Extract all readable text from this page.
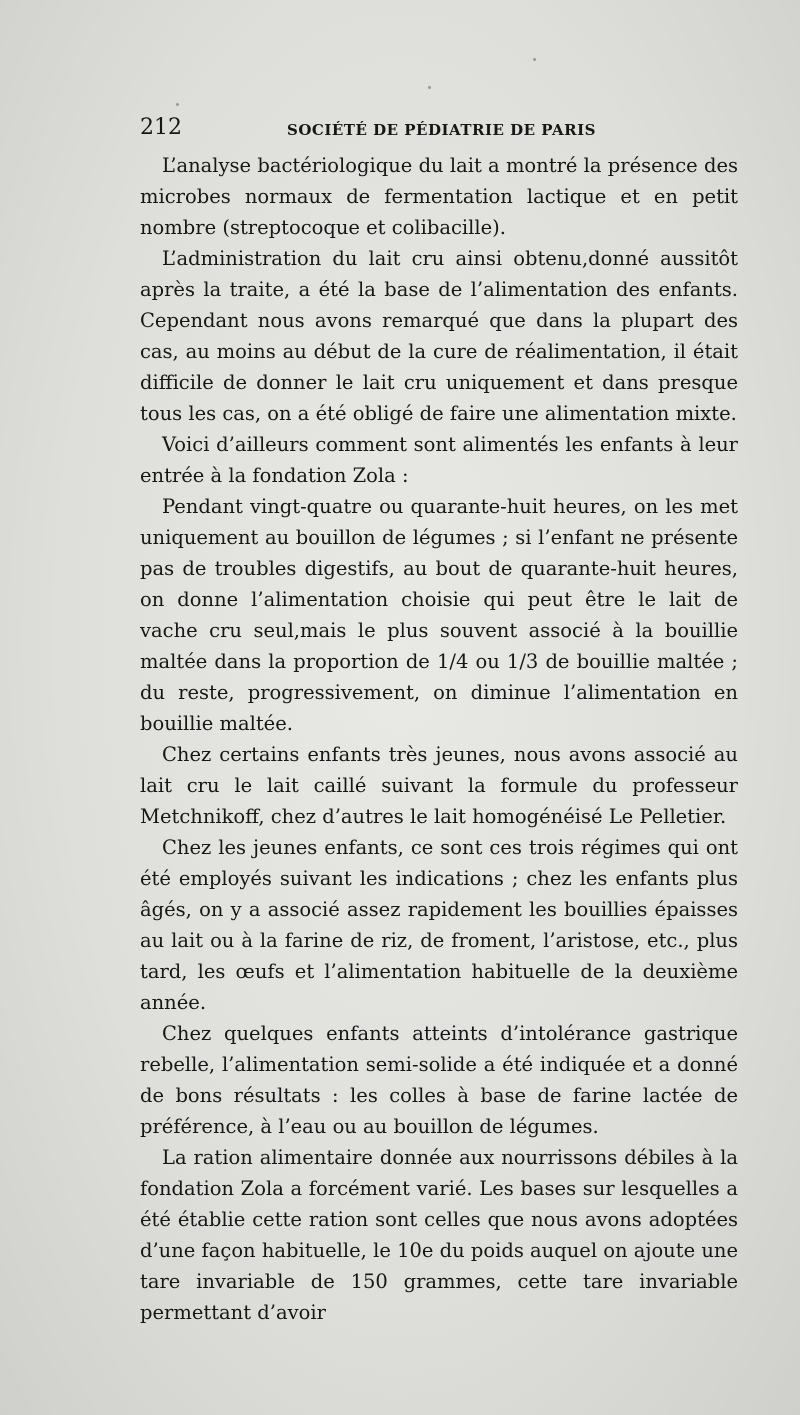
212	SOCIÉTÉ DE PÉDIATRIE DE PARIS

L’analyse bactériologique du lait a montré la présence des microbes normaux de fermentation lactique et en petit nombre (streptocoque et colibacille).

L’administration du lait cru ainsi obtenu,donné aussitôt après la traite, a été la base de l’alimentation des enfants. Cependant nous avons remarqué que dans la plupart des cas, au moins au début de la cure de réalimentation, il était difficile de donner le lait cru uniquement et dans presque tous les cas, on a été obligé de faire une alimentation mixte.

Voici d’ailleurs comment sont alimentés les enfants à leur entrée à la fondation Zola :

Pendant vingt-quatre ou quarante-huit heures, on les met uniquement au bouillon de légumes ; si l’enfant ne présente pas de troubles digestifs, au bout de quarante-huit heures, on donne l’alimentation choisie qui peut être le lait de vache cru seul,mais le plus souvent associé à la bouillie maltée dans la proportion de 1/4 ou 1/3 de bouillie maltée ; du reste, progressivement, on diminue l’alimentation en bouillie maltée.

Chez certains enfants très jeunes, nous avons associé au lait cru le lait caillé suivant la formule du professeur Metchnikoff, chez d’autres le lait homogénéisé Le Pelletier.

Chez les jeunes enfants, ce sont ces trois régimes qui ont été employés suivant les indications ; chez les enfants plus âgés, on y a associé assez rapidement les bouillies épaisses au lait ou à la farine de riz, de froment, l’aristose, etc., plus tard, les œufs et l’alimentation habituelle de la deuxième année.

Chez quelques enfants atteints d’intolérance gastrique rebelle, l’alimentation semi-solide a été indiquée et a donné de bons résultats : les colles à base de farine lactée de préférence, à l’eau ou au bouillon de légumes.

La ration alimentaire donnée aux nourrissons débiles à la fondation Zola a forcément varié. Les bases sur lesquelles a été établie cette ration sont celles que nous avons adoptées d’une façon habituelle, le 10e du poids auquel on ajoute une tare invariable de 150 grammes, cette tare invariable permettant d’avoir
